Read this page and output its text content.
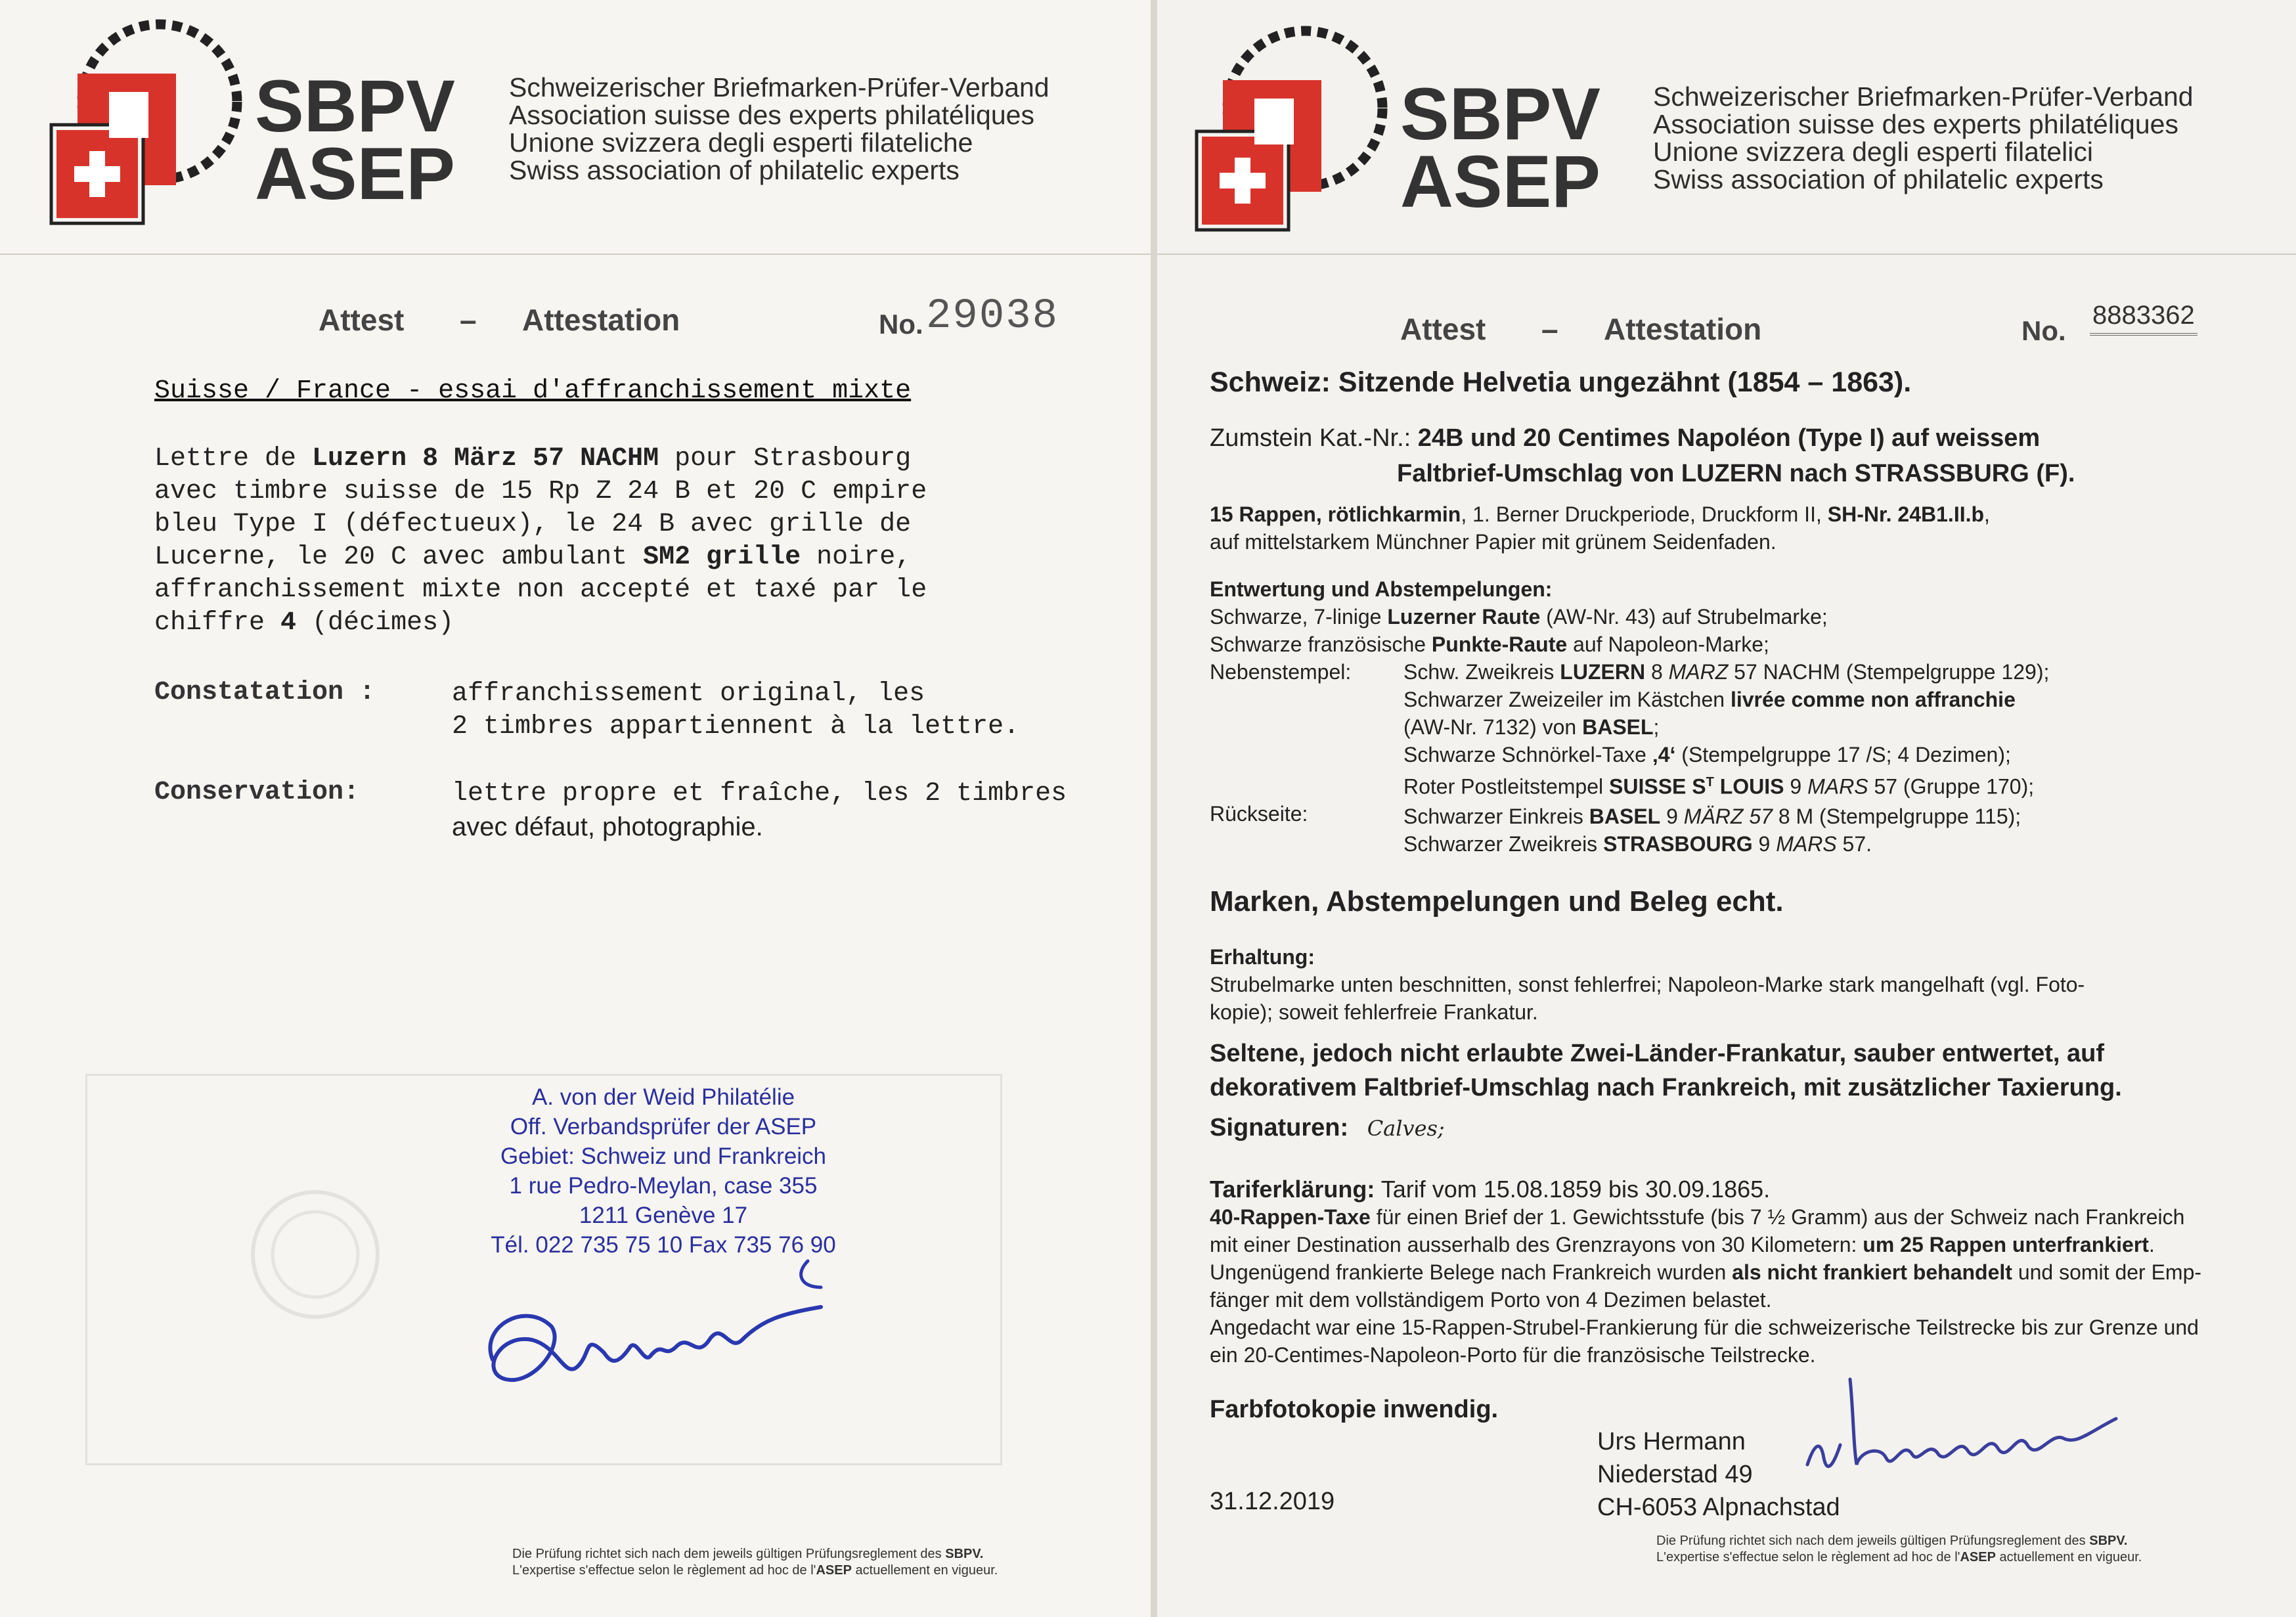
SBPV
ASEP
Schweizerischer Briefmarken-Prüfer-Verband
Association suisse des experts philatéliques
Unione svizzera degli esperti filateliche
Swiss association of philatelic experts
Attest – Attestation	No. 29038
Suisse / France - essai d'affranchissement mixte
Lettre de Luzern 8 März 57 NACHM pour Strasbourg
avec timbre suisse de 15 Rp Z 24 B et 20 C empire
bleu Type I (défectueux), le 24 B avec grille de
Lucerne, le 20 C avec ambulant SM2 grille noire,
affranchissement mixte non accepté et taxé par le
chiffre 4 (décimes)
Constatation :	affranchissement original, les
2 timbres appartiennent à la lettre.
Conservation:	lettre propre et fraîche, les 2 timbres
avec défaut, photographie.
A. von der Weid Philatélie
Off. Verbandsprüfer der ASEP
Gebiet: Schweiz und Frankreich
1 rue Pedro-Meylan, case 355
1211 Genève 17
Tél. 022 735 75 10 Fax 735 76 90
Die Prüfung richtet sich nach dem jeweils gültigen Prüfungsreglement des SBPV.
L'expertise s'effectue selon le règlement ad hoc de l'ASEP actuellement en vigueur.
SBPV
ASEP
Schweizerischer Briefmarken-Prüfer-Verband
Association suisse des experts philatéliques
Unione svizzera degli esperti filatelici
Swiss association of philatelic experts
Attest – Attestation	No. 8883362
Schweiz: Sitzende Helvetia ungezähnt (1854 – 1863).
Zumstein Kat.-Nr.: 24B und 20 Centimes Napoléon (Type I) auf weissem
Faltbrief-Umschlag von LUZERN nach STRASSBURG (F).
15 Rappen, rötlichkarmin, 1. Berner Druckperiode, Druckform II, SH-Nr. 24B1.II.b,
auf mittelstarkem Münchner Papier mit grünem Seidenfaden.
Entwertung und Abstempelungen:
Schwarze, 7-linige Luzerner Raute (AW-Nr. 43) auf Strubelmarke;
Schwarze französische Punkte-Raute auf Napoleon-Marke;
Nebenstempel: Schw. Zweikreis LUZERN 8 MARZ 57 NACHM (Stempelgruppe 129);
Schwarzer Zweizeiler im Kästchen livrée comme non affranchie
(AW-Nr. 7132) von BASEL;
Schwarze Schnörkel-Taxe ‚4‘ (Stempelgruppe 17 /S; 4 Dezimen);
Roter Postleitstempel SUISSE $S^T$ LOUIS 9 MARS 57 (Gruppe 170);
Rückseite:	Schwarzer Einkreis BASEL 9 MÄRZ 57 8 M (Stempelgruppe 115);
Schwarzer Zweikreis STRASBOURG 9 MARS 57.
Marken, Abstempelungen und Beleg echt.
Erhaltung:
Strubelmarke unten beschnitten, sonst fehlerfrei; Napoleon-Marke stark mangelhaft (vgl. Foto-
kopie); soweit fehlerfreie Frankatur.
Seltene, jedoch nicht erlaubte Zwei-Länder-Frankatur, sauber entwertet, auf
dekorativem Faltbrief-Umschlag nach Frankreich, mit zusätzlicher Taxierung.
Signaturen: Calves;
Tariferklärung: Tarif vom 15.08.1859 bis 30.09.1865.
40-Rappen-Taxe für einen Brief der 1. Gewichtsstufe (bis 7 ½ Gramm) aus der Schweiz nach Frankreich
mit einer Destination ausserhalb des Grenzrayons von 30 Kilometern: um 25 Rappen unterfrankiert.
Ungenügend frankierte Belege nach Frankreich wurden als nicht frankiert behandelt und somit der Emp-
fänger mit dem vollständigem Porto von 4 Dezimen belastet.
Angedacht war eine 15-Rappen-Strubel-Frankierung für die schweizerische Teilstrecke bis zur Grenze und
ein 20-Centimes-Napoleon-Porto für die französische Teilstrecke.
Farbfotokopie inwendig.
31.12.2019
Urs Hermann
Niederstad 49
CH-6053 Alpnachstad
Die Prüfung richtet sich nach dem jeweils gültigen Prüfungsreglement des SBPV.
L'expertise s'effectue selon le règlement ad hoc de l'ASEP actuellement en vigueur.
